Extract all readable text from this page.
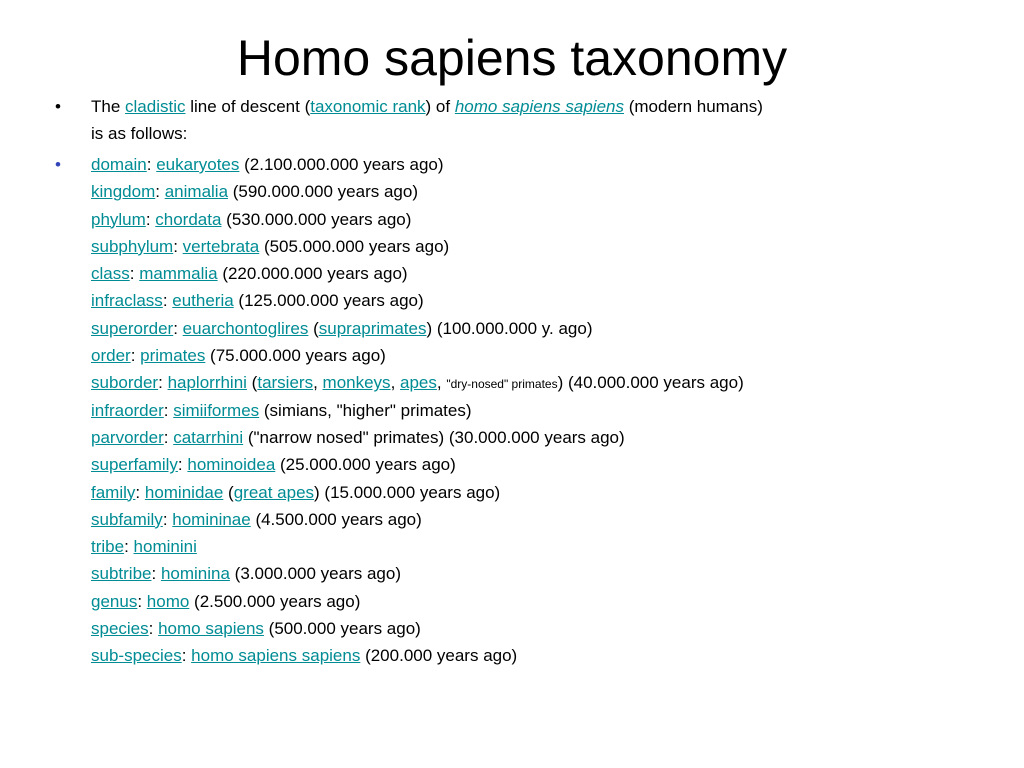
Homo sapiens taxonomy
•	The cladistic line of descent (taxonomic rank) of homo sapiens sapiens (modern humans)
is as follows:
•	domain: eukaryotes (2.100.000.000 years ago)
kingdom: animalia (590.000.000 years ago)
phylum: chordata (530.000.000 years ago)
subphylum: vertebrata (505.000.000 years ago)
class: mammalia (220.000.000 years ago)
infraclass: eutheria (125.000.000 years ago)
superorder: euarchontoglires (supraprimates) (100.000.000 y. ago)
order: primates (75.000.000 years ago)
suborder: haplorrhini (tarsiers, monkeys, apes, "dry-nosed" primates) (40.000.000 years ago)
infraorder: simiiformes (simians, "higher" primates)
parvorder: catarrhini ("narrow nosed" primates) (30.000.000 years ago)
superfamily: hominoidea (25.000.000 years ago)
family: hominidae (great apes) (15.000.000 years ago)
subfamily: homininae (4.500.000 years ago)
tribe: hominini
subtribe: hominina (3.000.000 years ago)
genus: homo (2.500.000 years ago)
species: homo sapiens (500.000 years ago)
sub-species: homo sapiens sapiens (200.000 years ago)
